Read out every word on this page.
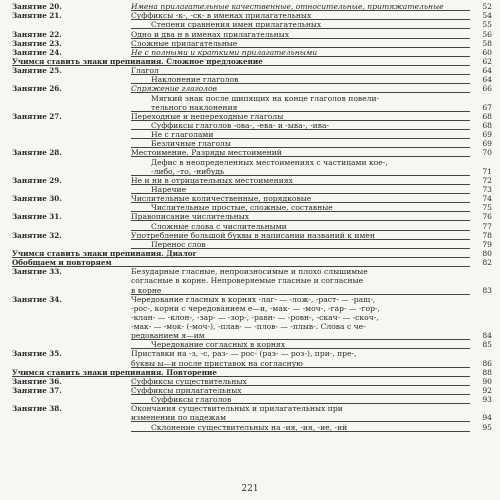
Занятие 20.	Имена прилагательные качественные, относительные, притяжательные	52
Занятие 21.	Суффиксы -к-, -ск- в именах прилагательных	54
Степени сравнения имен прилагательных	55
Занятие 22.	Одно и два н в именах прилагательных	56
Занятие 23.	Сложные прилагательные	58
Занятие 24.	Не с полными и краткими прилагательными	60
Учимся ставить знаки препинания. Сложное предложение	62
Занятие 25.	Глагол	64
Наклонение глаголов	64
Занятие 26.	Спряжение глаголов	66
Мягкий знак после шипящих на конце глаголов повели-
тельного наклонения	67
Занятие 27.	Переходные и непереходные глаголы	68
Суффиксы глаголов -ова-, -ева- и -ыва-, -ива-	68
Не с глаголами	69
Безличные глаголы	69
Занятие 28.	Местоимение. Разряды местоимений	70
Дефис в неопределенных местоимениях с частицами кое-,
-либо, -то, -нибудь	71
Занятие 29.	Не и ни в отрицательных местоимениях	72
Наречие	73
Занятие 30.	Числительные количественные, порядковые	74
Числительные простые, сложные, составные	75
Занятие 31.	Правописание числительных	76
Сложные слова с числительными	77
Занятие 32.	Употребление большой буквы в написании названий к имен	78
Перенос слов	79
Учимся ставить знаки препинания. Диалог	80
Обобщаем и повторяем	82
Занятие 33.	Безударные гласные, непроизносимые и плохо слышимые
согласные в корне. Непроверяемые гласные и согласные
в корне	83
Занятие 34.	Чередование гласных в корнях -лаг- — -лож-, -раст- — -ращ-,
-рос-, корни с чередованием е—и, -мак- — -моч-, -гар- — -гор-,
-клан- — -клон-, -зар- — -зор-, -равн- — -ровн-, -скач- — -скоч-,
-мак- — -мок- (-моч-), -плав- — -плов- — -плыв-. Слова с че-
редованием я—им	84
Чередование согласных в корнях	85
Занятие 35.	Приставки на -з, -с, раз- — рос- (раз- — роз-), при-, пре-,
буквы ы—и после приставок на согласную	86
Учимся ставить знаки препинания. Повторение	88
Занятие 36.	Суффиксы существительных	90
Занятие 37.	Суффиксы прилагательных	92
Суффиксы глаголов	93
Занятие 38.	Окончания существительных и прилагательных при
изменении по падежам	94
Склонение существительных на -ия, -ия, -ие, -ий	95
221
